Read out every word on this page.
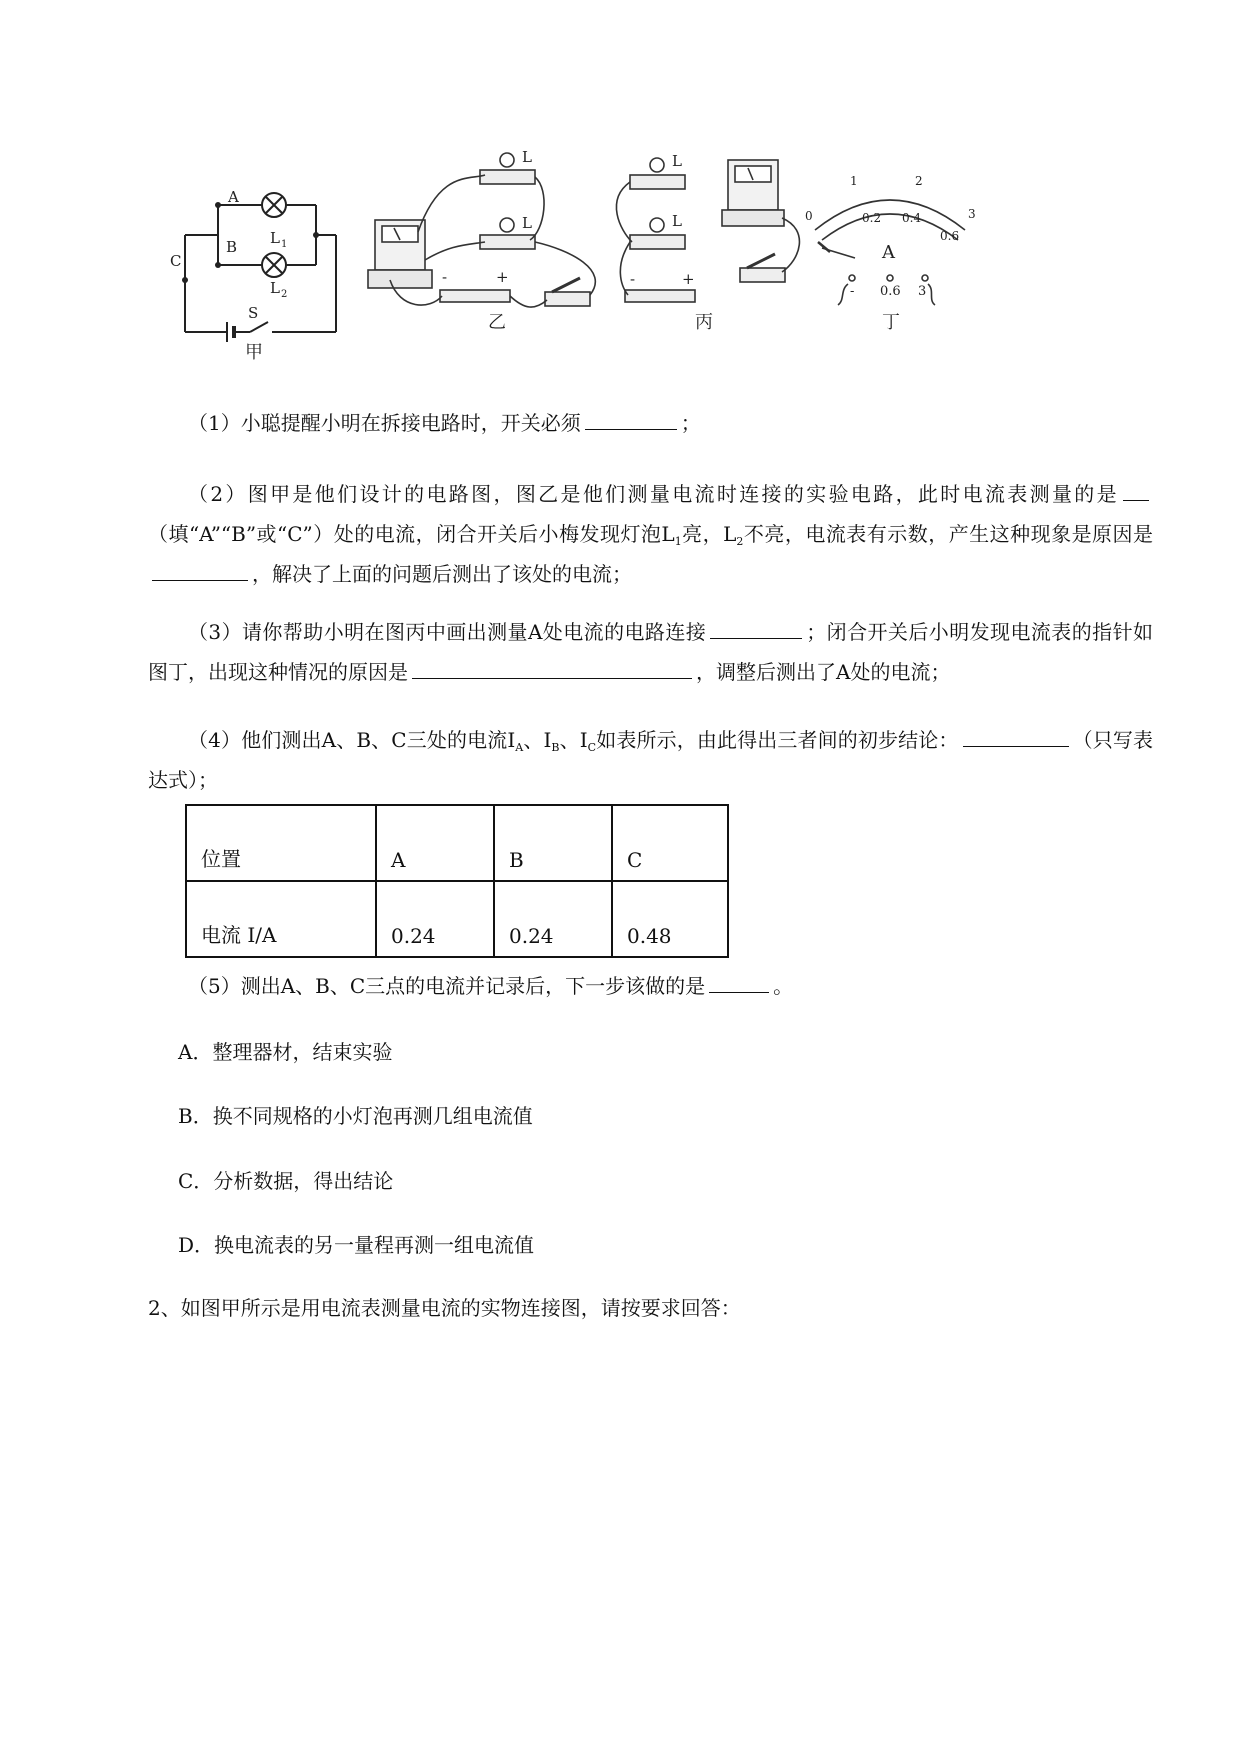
A
B
C
L 1
L 2
S
甲
L
L
-	+
乙
L
L
-	+
丙
0	0.2 0.4
0.6
1	2
3
A
- 0.6 3
丁
（1）小聪提醒小明在拆接电路时，开关必须	；
（2）图甲是他们设计的电路图，图乙是他们测量电流时连接的实验电路，此时电流表测量的是（填“A”“B”或“C”）处的电流，闭合开关后小梅发现灯泡$L_1$亮，$L_2$不亮，电流表有示数，产生这种现象是原因是，解决了上面的问题后测出了该处的电流；
（3）请你帮助小明在图丙中画出测量A处电流的电路连接	；闭合开关后小明发现电流表的指针如图丁，出现这种情况的原因是	，调整后测出了A处的电流；
（4）他们测出A、B、C三处的电流$I_A$、$I_B$、$I_C$如表所示，由此得出三者间的初步结论：	（只写表达式）；
位置	A	B	C
电流 I/A	0.24	0.24	0.48
（5）测出A、B、C三点的电流并记录后，下一步该做的是	。
A．整理器材，结束实验
B．换不同规格的小灯泡再测几组电流值
C．分析数据，得出结论
D．换电流表的另一量程再测一组电流值
2、如图甲所示是用电流表测量电流的实物连接图，请按要求回答：
